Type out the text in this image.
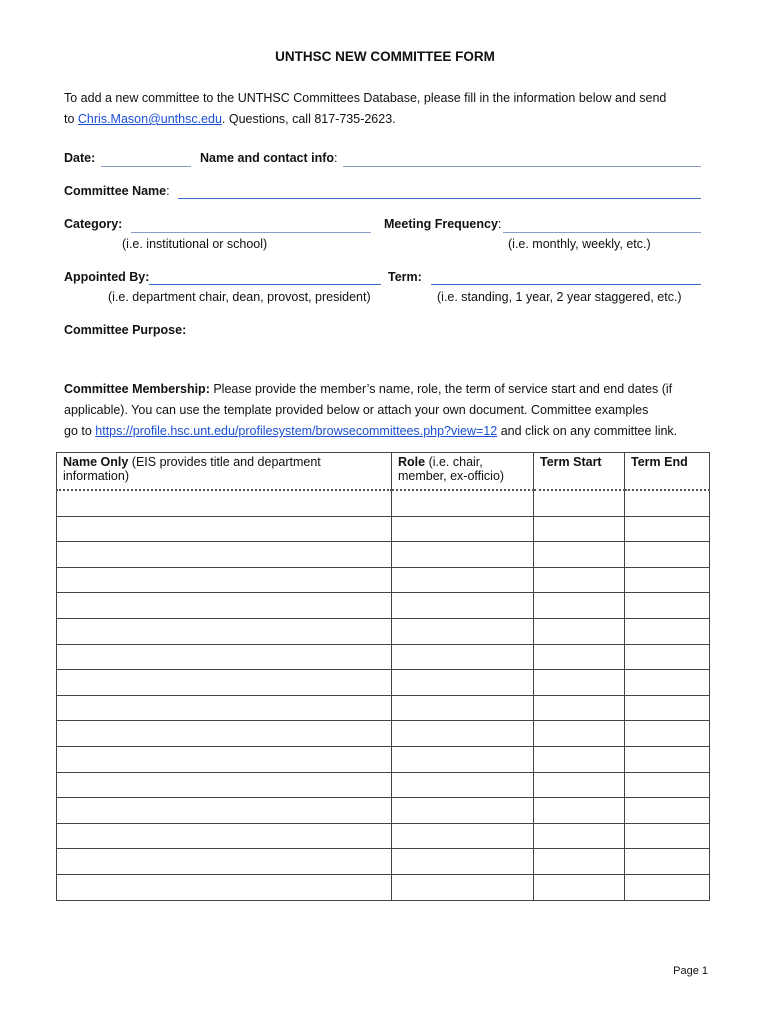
UNTHSC NEW COMMITTEE FORM
To add a new committee to the UNTHSC Committees Database, please fill in the information below and send
to Chris.Mason@unthsc.edu. Questions, call 817-735-2623.
Date:	Name and contact info:
Committee Name:
Category:
(i.e. institutional or school)
Meeting Frequency:
(i.e. monthly, weekly, etc.)
Appointed By:
(i.e. department chair, dean, provost, president)
Term:
(i.e. standing, 1 year, 2 year staggered, etc.)
Committee Purpose:
Committee Membership: Please provide the member’s name, role, the term of service start and end dates (if
applicable). You can use the template provided below or attach your own document. Committee examples
go to https://profile.hsc.unt.edu/profilesystem/browsecommittees.php?view=12 and click on any committee link.
Name Only (EIS provides title and department information)	Role (i.e. chair, member, ex-officio)	Term Start	Term End

Page 1
